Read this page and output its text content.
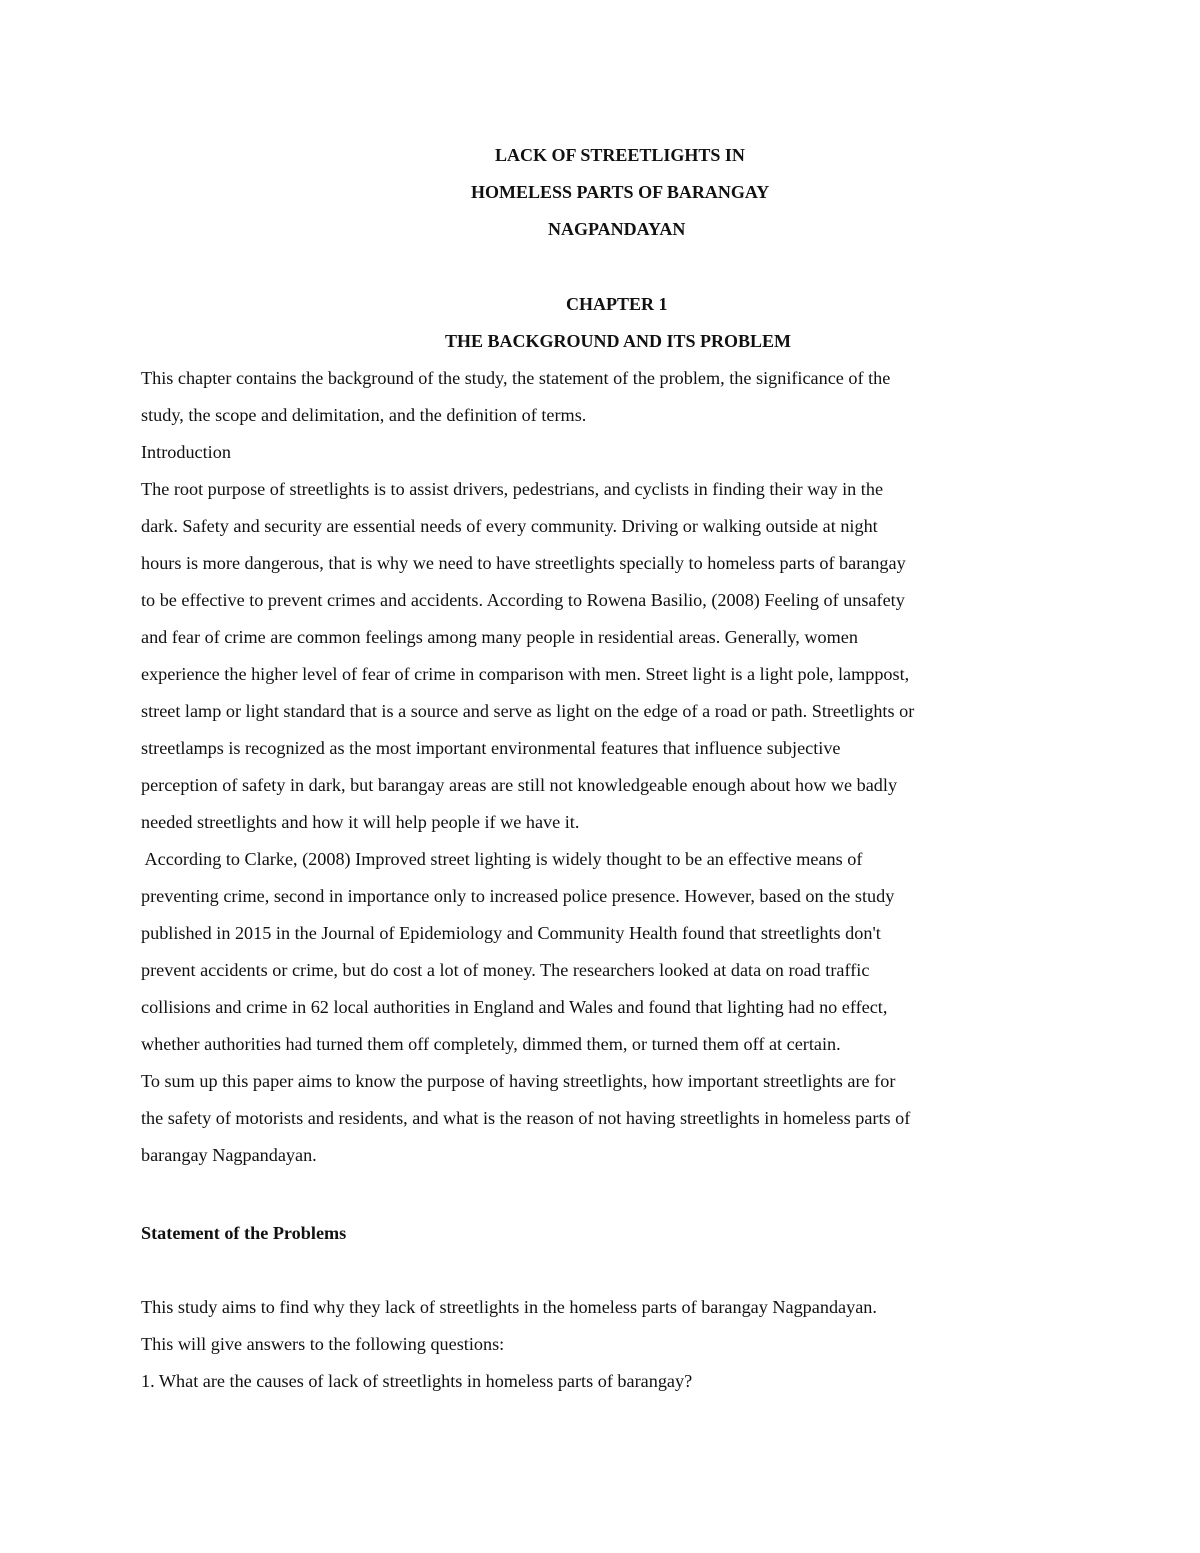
LACK OF STREETLIGHTS IN
HOMELESS PARTS OF BARANGAY
NAGPANDAYAN
CHAPTER 1
THE BACKGROUND AND ITS PROBLEM
This chapter contains the background of the study, the statement of the problem, the significance of the
study, the scope and delimitation, and the definition of terms.
Introduction
The root purpose of streetlights is to assist drivers, pedestrians, and cyclists in finding their way in the
dark. Safety and security are essential needs of every community. Driving or walking outside at night
hours is more dangerous, that is why we need to have streetlights specially to homeless parts of barangay
to be effective to prevent crimes and accidents. According to Rowena Basilio, (2008) Feeling of unsafety
and fear of crime are common feelings among many people in residential areas. Generally, women
experience the higher level of fear of crime in comparison with men. Street light is a light pole, lamppost,
street lamp or light standard that is a source and serve as light on the edge of a road or path. Streetlights or
streetlamps is recognized as the most important environmental features that influence subjective
perception of safety in dark, but barangay areas are still not knowledgeable enough about how we badly
needed streetlights and how it will help people if we have it.
According to Clarke, (2008) Improved street lighting is widely thought to be an effective means of
preventing crime, second in importance only to increased police presence. However, based on the study
published in 2015 in the Journal of Epidemiology and Community Health found that streetlights don't
prevent accidents or crime, but do cost a lot of money. The researchers looked at data on road traffic
collisions and crime in 62 local authorities in England and Wales and found that lighting had no effect,
whether authorities had turned them off completely, dimmed them, or turned them off at certain.
To sum up this paper aims to know the purpose of having streetlights, how important streetlights are for
the safety of motorists and residents, and what is the reason of not having streetlights in homeless parts of
barangay Nagpandayan.
Statement of the Problems
This study aims to find why they lack of streetlights in the homeless parts of barangay Nagpandayan.
This will give answers to the following questions:
1. What are the causes of lack of streetlights in homeless parts of barangay?
